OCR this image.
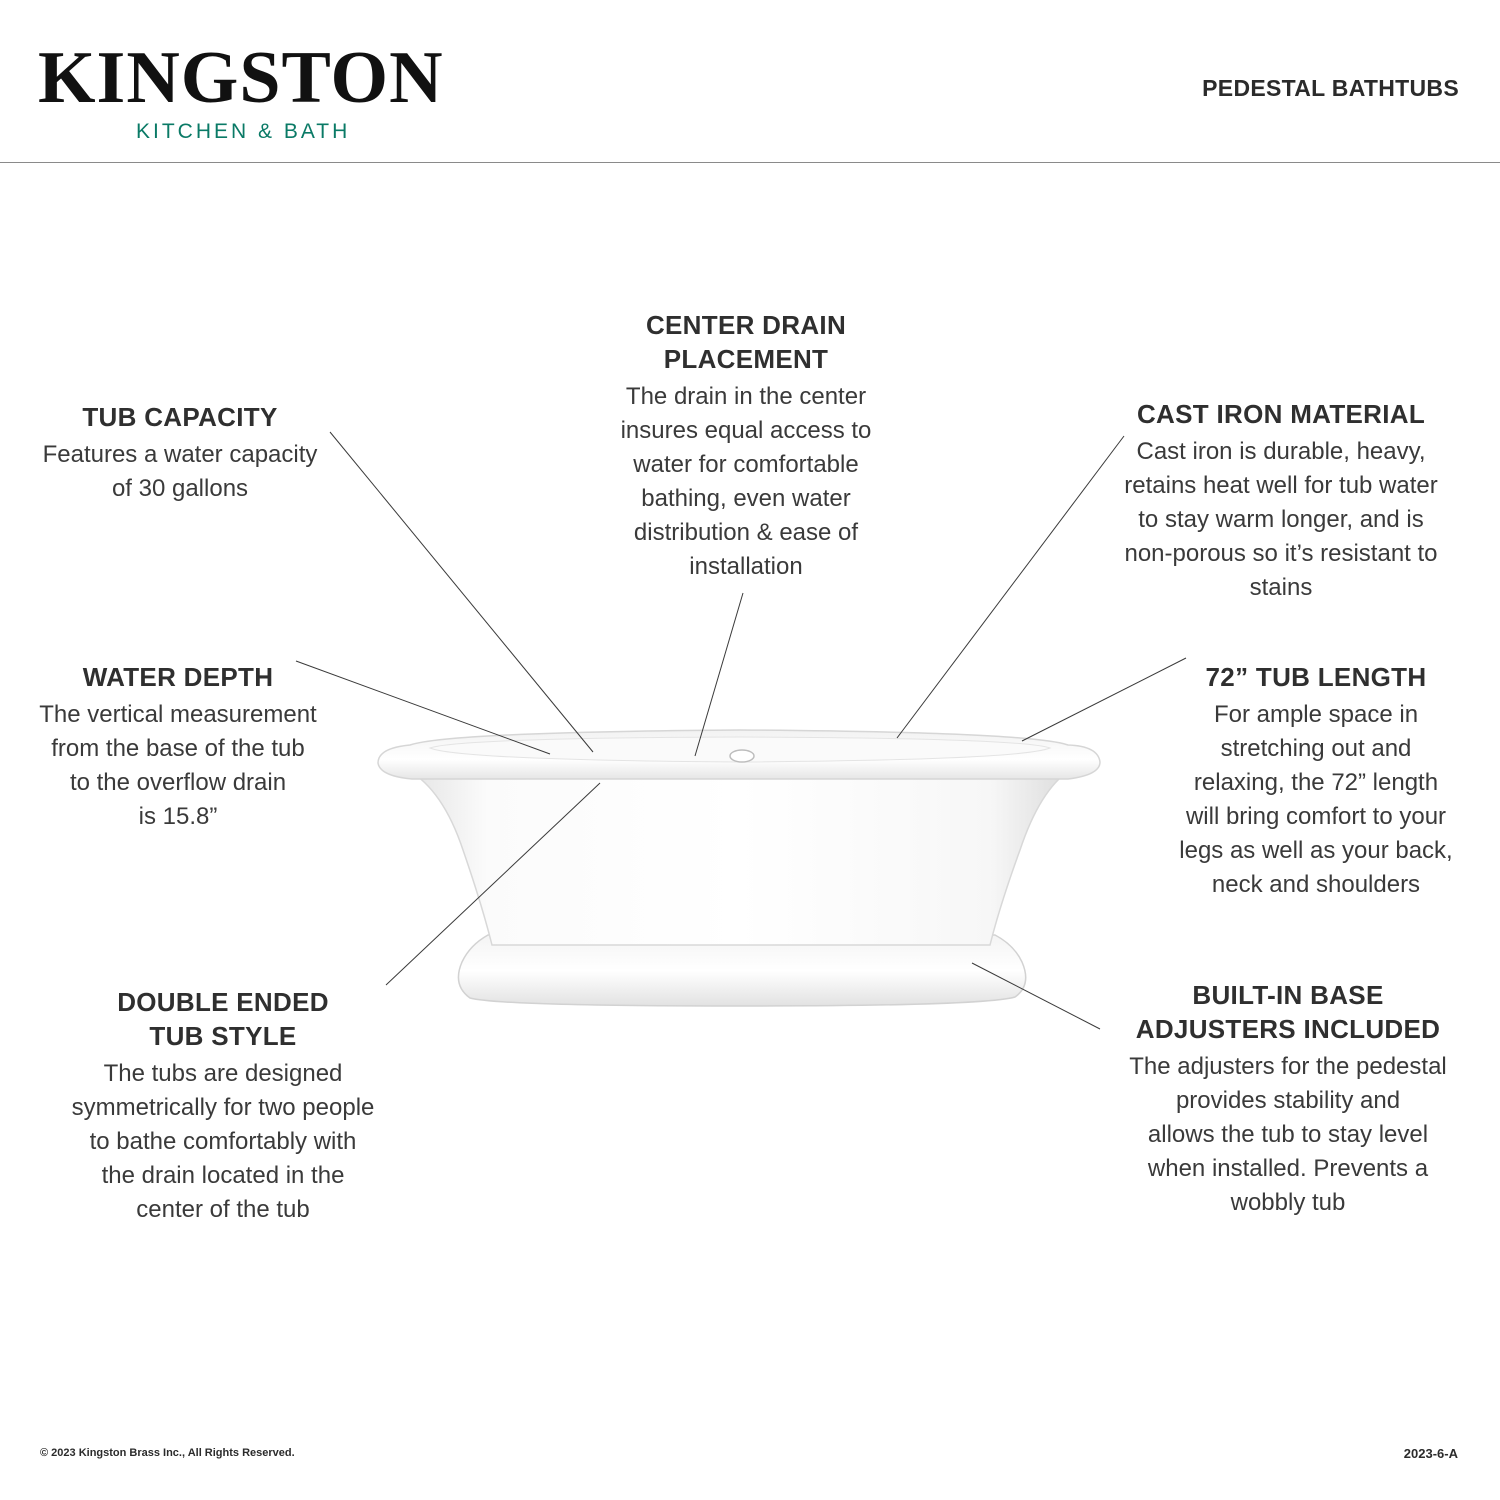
KINGSTON
KITCHEN & BATH
PEDESTAL BATHTUBS
TUB CAPACITY
Features a water capacity
of 30 gallons
CENTER DRAIN
PLACEMENT
The drain in the center
insures equal access to
water for comfortable
bathing, even water
distribution & ease of
installation
CAST IRON MATERIAL
Cast iron is durable, heavy,
retains heat well for tub water
to stay warm longer, and is
non-porous so it’s resistant to
stains
WATER DEPTH
The vertical measurement
from the base of the tub
to the overflow drain
is 15.8”
72” TUB LENGTH
For ample space in
stretching out and
relaxing, the 72” length
will bring comfort to your
legs as well as your back,
neck and shoulders
DOUBLE ENDED
TUB STYLE
The tubs are designed
symmetrically for two people
to bathe comfortably with
the drain located in the
center of the tub
BUILT-IN BASE
ADJUSTERS INCLUDED
The adjusters for the pedestal
provides stability and
allows the tub to stay level
when installed. Prevents a
wobbly tub
© 2023 Kingston Brass Inc., All Rights Reserved.	2023-6-A
